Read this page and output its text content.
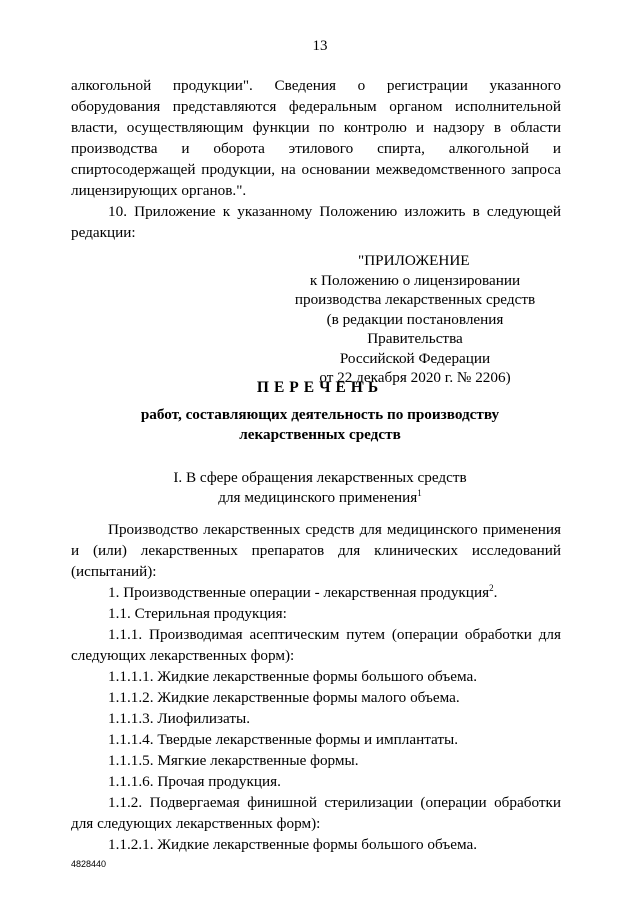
13

алкогольной продукции". Сведения о регистрации указанного оборудования представляются федеральным органом исполнительной власти, осуществляющим функции по контролю и надзору в области производства и оборота этилового спирта, алкогольной и спиртосодержащей продукции, на основании межведомственного запроса лицензирующих органов.".

10. Приложение к указанному Положению изложить в следующей редакции:

"ПРИЛОЖЕНИЕ
к Положению о лицензировании
производства лекарственных средств
(в редакции постановления Правительства
Российской Федерации
от 22 декабря 2020 г. № 2206)
ПЕРЕЧЕНЬ
работ, составляющих деятельность по производству
лекарственных средств
I. В сфере обращения лекарственных средств
для медицинского применения$^1$

Производство лекарственных средств для медицинского применения и (или) лекарственных препаратов для клинических исследований (испытаний):

1. Производственные операции - лекарственная продукция$^2$.

1.1. Стерильная продукция:

1.1.1. Производимая асептическим путем (операции обработки для следующих лекарственных форм):

1.1.1.1. Жидкие лекарственные формы большого объема.

1.1.1.2. Жидкие лекарственные формы малого объема.

1.1.1.3. Лиофилизаты.

1.1.1.4. Твердые лекарственные формы и имплантаты.

1.1.1.5. Мягкие лекарственные формы.

1.1.1.6. Прочая продукция.

1.1.2. Подвергаемая финишной стерилизации (операции обработки для следующих лекарственных форм):

1.1.2.1. Жидкие лекарственные формы большого объема.

4828440
